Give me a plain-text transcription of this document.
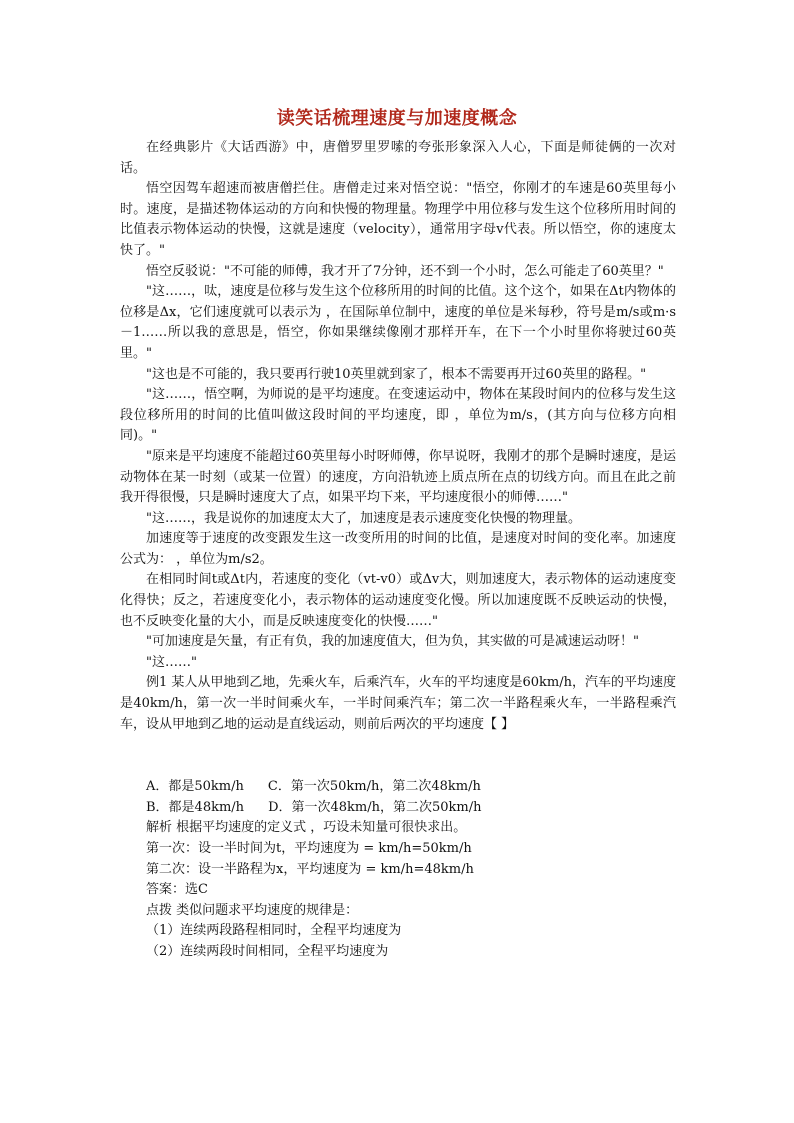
读笑话梳理速度与加速度概念

在经典影片《大话西游》中，唐僧罗里罗嗦的夸张形象深入人心，下面是师徒俩的一次对话。

悟空因驾车超速而被唐僧拦住。唐僧走过来对悟空说："悟空，你刚才的车速是60英里每小时。速度，是描述物体运动的方向和快慢的物理量。物理学中用位移与发生这个位移所用时间的比值表示物体运动的快慢，这就是速度（velocity），通常用字母v代表。所以悟空，你的速度太快了。"

悟空反驳说："不可能的师傅，我才开了7分钟，还不到一个小时，怎么可能走了60英里？"

"这……，呔，速度是位移与发生这个位移所用的时间的比值。这个这个，如果在Δt内物体的位移是Δx，它们速度就可以表示为 ，在国际单位制中，速度的单位是米每秒，符号是m/s或m·s－1……所以我的意思是，悟空，你如果继续像刚才那样开车，在下一个小时里你将驶过60英里。"

"这也是不可能的，我只要再行驶10英里就到家了，根本不需要再开过60英里的路程。"

"这……，悟空啊，为师说的是平均速度。在变速运动中，物体在某段时间内的位移与发生这段位移所用的时间的比值叫做这段时间的平均速度，即 ，单位为m/s，(其方向与位移方向相同)。"

"原来是平均速度不能超过60英里每小时呀师傅，你早说呀，我刚才的那个是瞬时速度，是运动物体在某一时刻（或某一位置）的速度，方向沿轨迹上质点所在点的切线方向。而且在此之前我开得很慢，只是瞬时速度大了点，如果平均下来，平均速度很小的师傅……"

"这……，我是说你的加速度太大了，加速度是表示速度变化快慢的物理量。

加速度等于速度的改变跟发生这一改变所用的时间的比值，是速度对时间的变化率。加速度公式为： ，单位为m/s2。

在相同时间t或Δt内，若速度的变化（vt-v0）或Δv大，则加速度大，表示物体的运动速度变化得快；反之，若速度变化小，表示物体的运动速度变化慢。所以加速度既不反映运动的快慢，也不反映变化量的大小，而是反映速度变化的快慢……"

"可加速度是矢量，有正有负，我的加速度值大，但为负，其实做的可是减速运动呀！"

"这……"

例1 某人从甲地到乙地，先乘火车，后乘汽车，火车的平均速度是60km/h，汽车的平均速度是40km/h，第一次一半时间乘火车，一半时间乘汽车；第二次一半路程乘火车，一半路程乘汽车，设从甲地到乙地的运动是直线运动，则前后两次的平均速度【 】

A．都是50km/h C．第一次50km/h，第二次48km/h
B．都是48km/h D．第一次48km/h，第二次50km/h

解析 根据平均速度的定义式 ，巧设未知量可很快求出。

第一次：设一半时间为t，平均速度为 = km/h=50km/h

第二次：设一半路程为x，平均速度为 = km/h=48km/h

答案：选C

点拨 类似问题求平均速度的规律是：

（1）连续两段路程相同时，全程平均速度为

（2）连续两段时间相同，全程平均速度为
